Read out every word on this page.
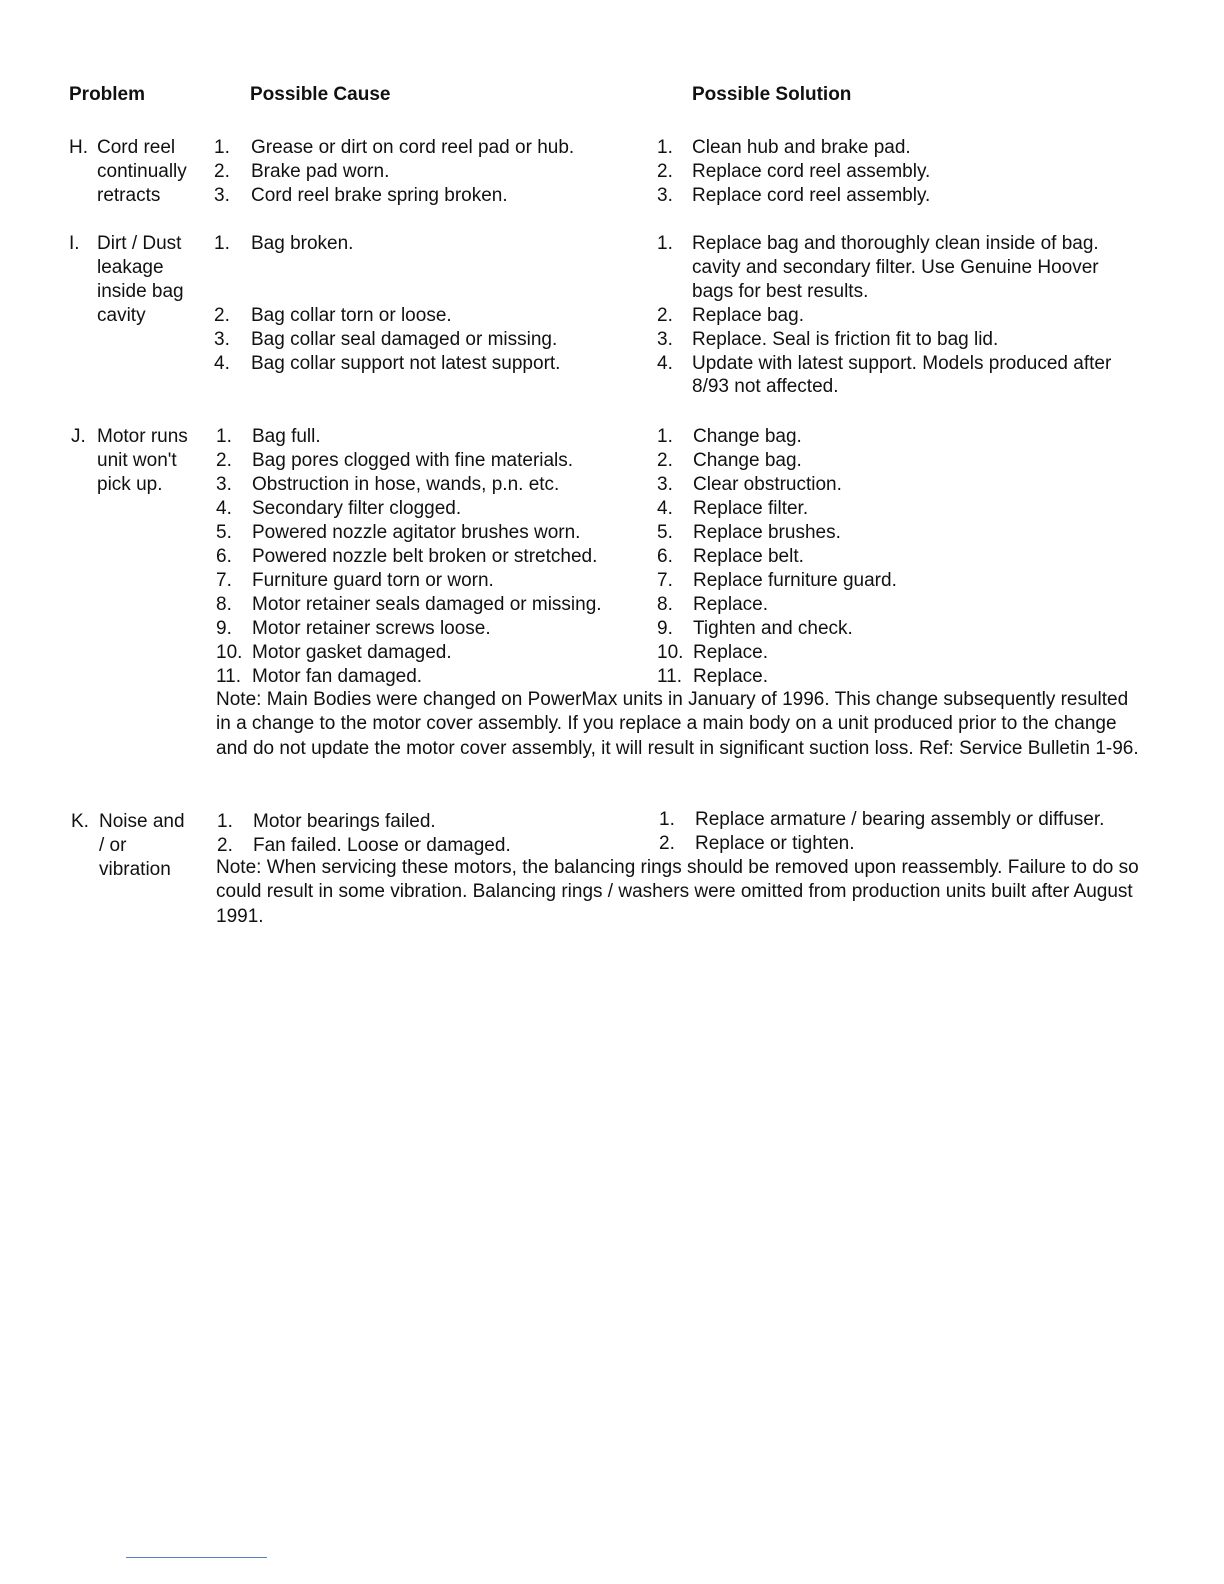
Problem	Possible Cause	Possible Solution
H. Cord reel
continually
retracts
1. Grease or dirt on cord reel pad or hub.
2. Brake pad worn.
3. Cord reel brake spring broken.
1. Clean hub and brake pad.
2. Replace cord reel assembly.
3. Replace cord reel assembly.
I. Dirt / Dust
leakage
inside bag
cavity
1. Bag broken.
2. Bag collar torn or loose.
3. Bag collar seal damaged or missing.
4. Bag collar support not latest support.
1. Replace bag and thoroughly clean inside of bag.
cavity and secondary filter. Use Genuine Hoover
bags for best results.
2. Replace bag.
3. Replace. Seal is friction fit to bag lid.
4. Update with latest support. Models produced after
8/93 not affected.
J. Motor runs
unit won't
pick up.
1. Bag full.
2. Bag pores clogged with fine materials.
3. Obstruction in hose, wands, p.n. etc.
4. Secondary filter clogged.
5. Powered nozzle agitator brushes worn.
6. Powered nozzle belt broken or stretched.
7. Furniture guard torn or worn.
8. Motor retainer seals damaged or missing.
9. Motor retainer screws loose.
10. Motor gasket damaged.
11. Motor fan damaged.
1. Change bag.
2. Change bag.
3. Clear obstruction.
4. Replace filter.
5. Replace brushes.
6. Replace belt.
7. Replace furniture guard.
8. Replace.
9. Tighten and check.
10. Replace.
11. Replace.
Note: Main Bodies were changed on PowerMax units in January of 1996. This change subsequently resulted in a change to the motor cover assembly. If you replace a main body on a unit produced prior to the change and do not update the motor cover assembly, it will result in significant suction loss. Ref: Service Bulletin 1-96.
K. Noise and
/ or
vibration
1. Motor bearings failed.
2. Fan failed. Loose or damaged.
1. Replace armature / bearing assembly or diffuser.
2. Replace or tighten.
Note: When servicing these motors, the balancing rings should be removed upon reassembly. Failure to do so could result in some vibration. Balancing rings / washers were omitted from production units built after August 1991.
